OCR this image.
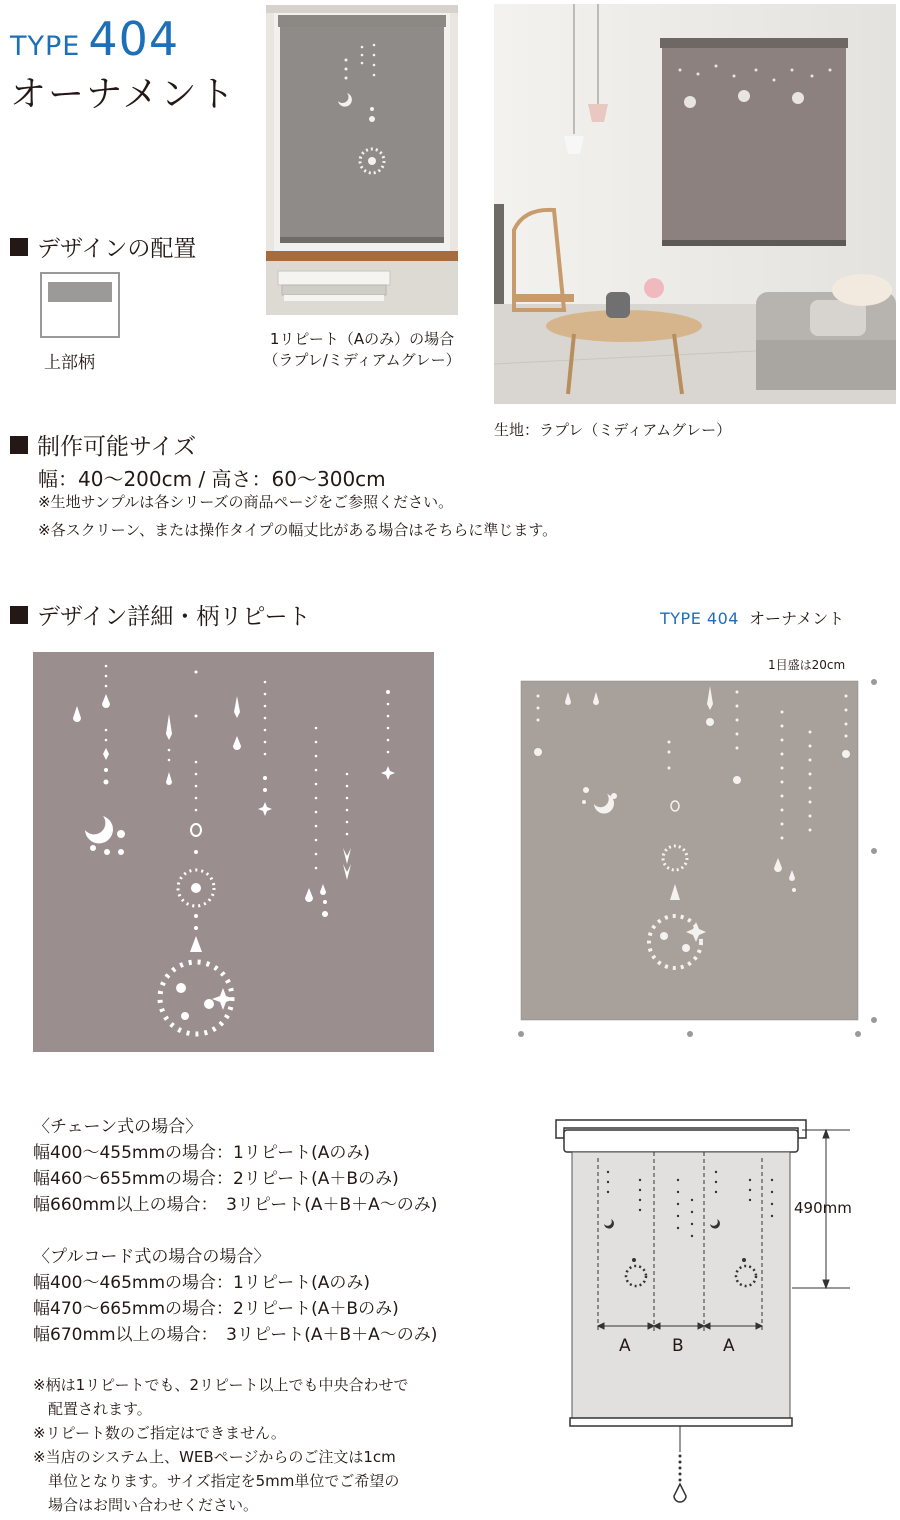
TYPE 404
オーナメント
1リピート（Aのみ）の場合
（ラプレ/ミディアムグレー）
生地：ラプレ（ミディアムグレー）
デザインの配置
上部柄
制作可能サイズ
幅：40〜200cm / 高さ：60〜300cm
※生地サンプルは各シリーズの商品ページをご参照ください。
※各スクリーン、または操作タイプの幅丈比がある場合はそちらに準じます。
デザイン詳細・柄リピート	TYPE 404 オーナメント
1目盛は20cm
〈チェーン式の場合〉
幅400〜455mmの場合：1リピート(Aのみ)
幅460〜655mmの場合：2リピート(A＋Bのみ)
幅660mm以上の場合：　3リピート(A＋B＋A〜のみ)
〈プルコード式の場合の場合〉
幅400〜465mmの場合：1リピート(Aのみ)
幅470〜665mmの場合：2リピート(A＋Bのみ)
幅670mm以上の場合：　3リピート(A＋B＋A〜のみ)
※柄は1リピートでも、2リピート以上でも中央合わせで
　配置されます。
※リピート数のご指定はできません。
※当店のシステム上、WEBページからのご注文は1cm
　単位となります。サイズ指定を5mm単位でご希望の
　場合はお問い合わせください。
490mm
A B A
